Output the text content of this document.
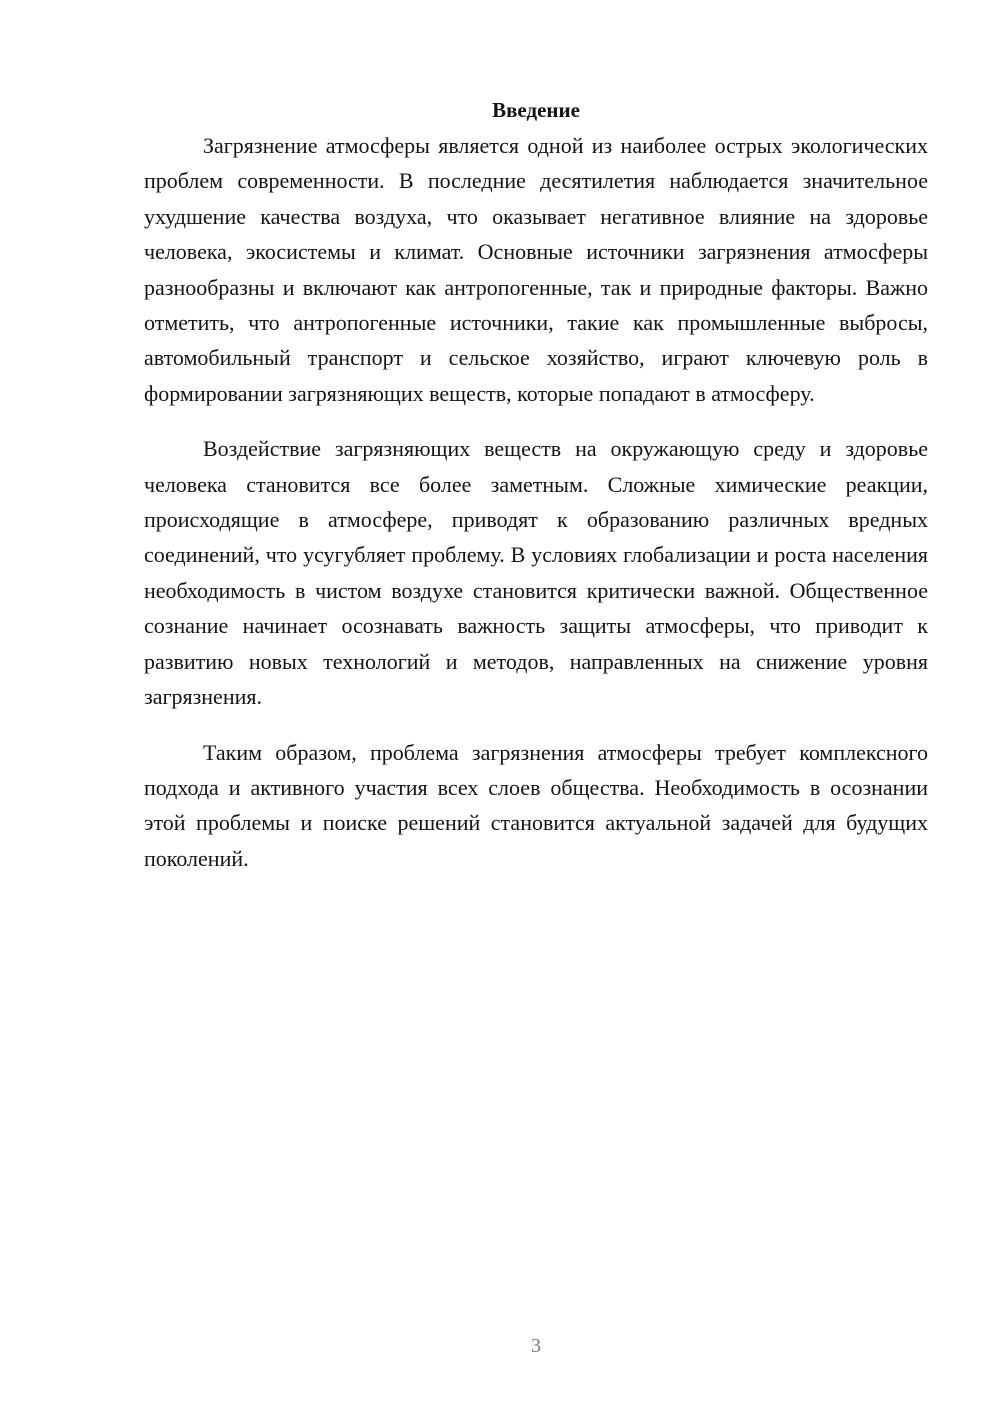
Введение

Загрязнение атмосферы является одной из наиболее острых экологических проблем современности. В последние десятилетия наблюдается значительное ухудшение качества воздуха, что оказывает негативное влияние на здоровье человека, экосистемы и климат. Основные источники загрязнения атмосферы разнообразны и включают как антропогенные, так и природные факторы. Важно отметить, что антропогенные источники, такие как промышленные выбросы, автомобильный транспорт и сельское хозяйство, играют ключевую роль в формировании загрязняющих веществ, которые попадают в атмосферу.

Воздействие загрязняющих веществ на окружающую среду и здоровье человека становится все более заметным. Сложные химические реакции, происходящие в атмосфере, приводят к образованию различных вредных соединений, что усугубляет проблему. В условиях глобализации и роста населения необходимость в чистом воздухе становится критически важной. Общественное сознание начинает осознавать важность защиты атмосферы, что приводит к развитию новых технологий и методов, направленных на снижение уровня загрязнения.

Таким образом, проблема загрязнения атмосферы требует комплексного подхода и активного участия всех слоев общества. Необходимость в осознании этой проблемы и поиске решений становится актуальной задачей для будущих поколений.

3
